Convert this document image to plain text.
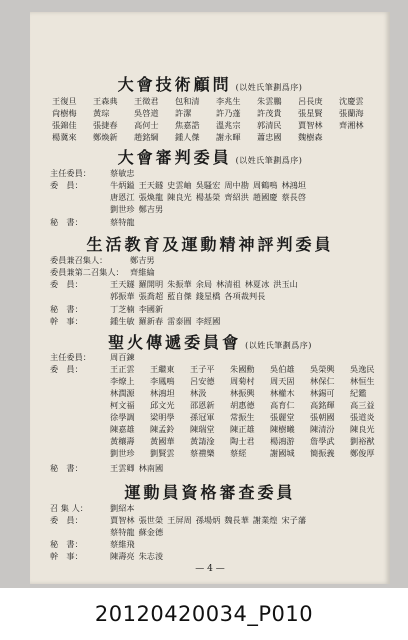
大會技術顧問 (以姓氏筆劃爲序)
王復旦	王森典	王徵君	包和清	李兆生	朱雲鵬	呂長庚	沈慶雲
尙樹梅	黃琮	吳啓道	許潔	許乃蓬	許茂貴	張星賢	張蘭海
張錦佳	張捷春	高何士	焦嘉誥	溫兆宗	郭清民	賈智林	齊湘林
楊冀來	鄭煥新	趙銘綱	鍾人傑	謝永暉	蕭忠國	魏樹森
大會審判委員 (以姓氏筆劃爲序)
主任委員： 蔡敏忠
委　員：	牛炳鎰 王天鐩 史雲岫 吳騷宏 周中勘 周鶴鳴 林鴻坦
唐恩江 張煥龍 陳良光 楊基榮 齊紹洪 趙國慶 蔡長啓
劉世珍 鄭吉男
秘　書：	蔡特龍
生活教育及運動精神評判委員
委員兼召集人：	鄭吉男
委員兼第二召集人： 齊維綸
委　員：	王天鐩 羅開明 朱振華 余局 林清祖 林夏冰 洪玉山
郭振華 張喬超 藍自傑 錢星橋 各項裁判長
秘　書：	丁芝楠 李國新
幹　事：	鍾生敏 羅新春 雷泰圓 李經國
聖火傳遞委員會 (以姓氏筆劃爲序)
主任委員： 周百鍊
委　員：	王正雲	王繼東	王子平	朱國勳	吳伯雄	吳榮興	吳逸民
李燎上	李鳳鳴	呂安德	周菊村	周天固	林保仁	林恒生
林潤源	林鴻坦	林汲	林振興	林權木	林錫可	紀鑑
柯文福	邱文光	邵恩新	胡惠德	高育仁	高銘輝	高三益
徐學調	梁明學	孫冠軍	常振生	張麗堂	張朝國	張道炎
陳嘉雄	陳孟鈴	陳瑞堂	陳正雄	陳樹曦	陳清汾	陳良光
黃穰壽	黃國華	黃請淦	陶士君	楊鴻游	詹學武	劉裕猷
劉世珍	劉賢雲	蔡禮樂	蔡經	謝國城	簡振義	鄭俊厚
秘　書：	王雲卿 林南國
運動員資格審查委員
召 集 人：	劉紹本
委　員：	賈智林 張世榮 王屏周 孫場炳 魏長華 謝業煌 宋子藩
蔡特龍 蘇金德
秘　書：	蔡維飛
幹　事：	陳壽亮 朱志淩
— 4 —
20120420034_P010
